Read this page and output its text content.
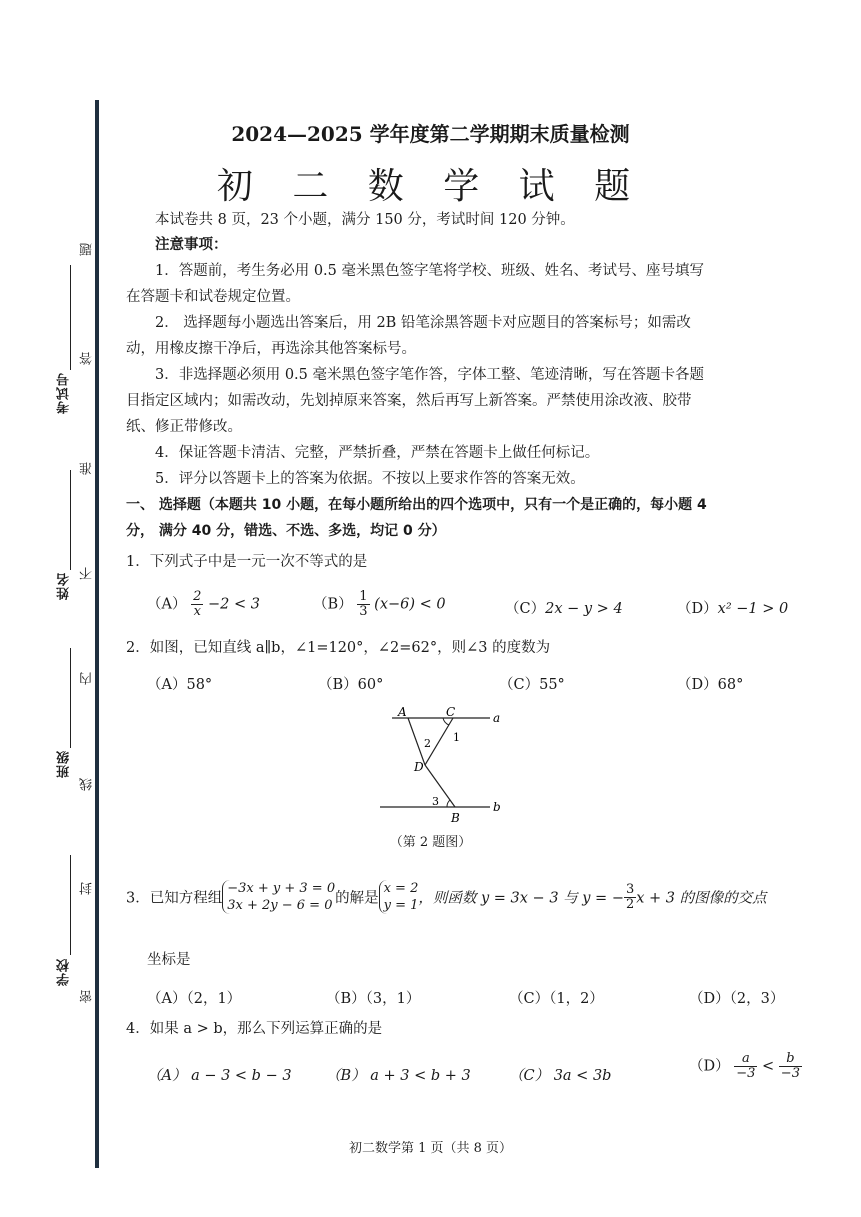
学校
班级
姓名
考试号
题
答
准
不
内
线
封
密
2024—2025 学年度第二学期期末质量检测
初 二 数 学 试 题
本试卷共 8 页，23 个小题，满分 150 分，考试时间 120 分钟。
注意事项：
1．答题前，考生务必用 0.5 毫米黑色签字笔将学校、班级、姓名、考试号、座号填写
在答题卡和试卷规定位置。
2． 选择题每小题选出答案后，用 2B 铅笔涂黑答题卡对应题目的答案标号；如需改
动，用橡皮擦干净后，再选涂其他答案标号。
3．非选择题必须用 0.5 毫米黑色签字笔作答，字体工整、笔迹清晰，写在答题卡各题
目指定区域内；如需改动，先划掉原来答案，然后再写上新答案。严禁使用涂改液、胶带
纸、修正带修改。
4．保证答题卡清洁、完整，严禁折叠，严禁在答题卡上做任何标记。
5．评分以答题卡上的答案为依据。不按以上要求作答的答案无效。
一、 选择题（本题共 10 小题，在每小题所给出的四个选项中，只有一个是正确的，每小题 4
分， 满分 40 分，错选、不选、多选，均记 0 分）
1．下列式子中是一元一次不等式的是
$(A) \frac{2}{x} -2 < 3$	$(B) \frac{1}{3} (x-6) < 0$	（C）2x − y > 4	（D）x² −1 > 0
2．如图，已知直线 a∥b，∠1=120°，∠2=62°，则∠3 的度数为
（A）58°	（B）60°	（C）55°	（D）68°
A	C	a
1
2
D
3
B
b
（第 2 题图）
3．已知方程组
−3x + y + 3 = 0
3x + 2y − 6 = 0 的解是
x = 2
y = 1 ，则函数 y = 3x − 3 与 y = − $\frac{3}{2}$ x + 3 的图像的交点
坐标是
（A）（2，1）	（B）（3，1）	（C）（1，2）	（D）（2，3）
4．如果 a > b，那么下列运算正确的是
（A） a − 3 < b − 3 （B） a + 3 < b + 3	（C） 3a < 3b
$(D) \frac{a}{-3} < \frac{b}{-3}$
初二数学第 1 页（共 8 页）
